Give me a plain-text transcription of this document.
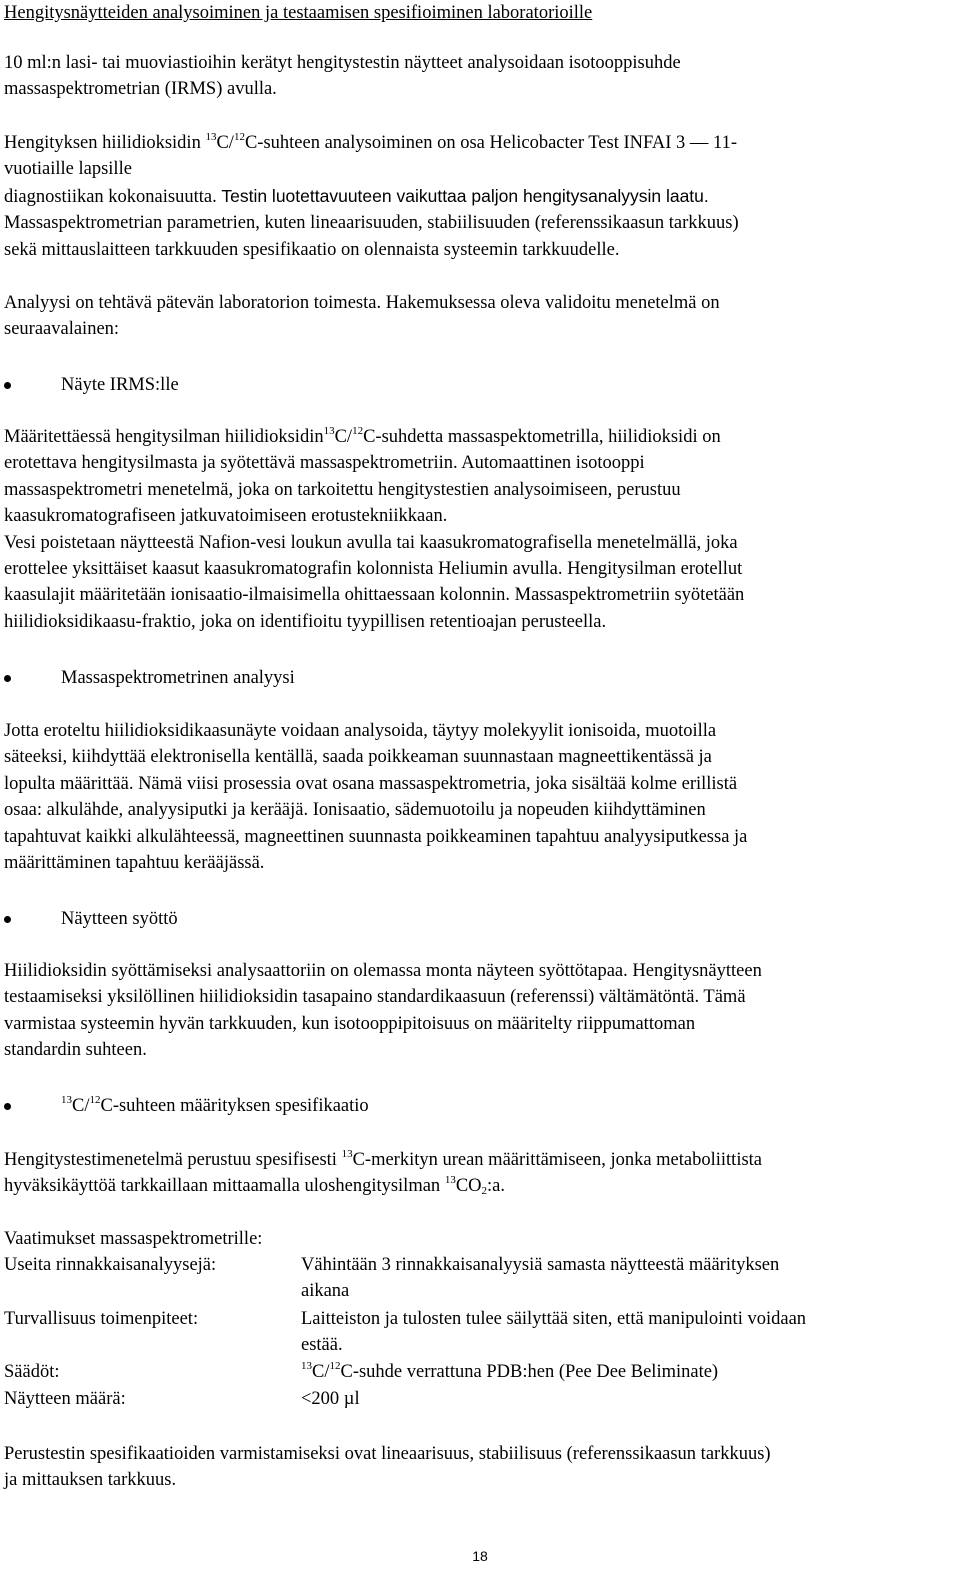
Hengitysnäytteiden analysoiminen ja testaamisen spesifioiminen laboratorioille

10 ml:n lasi- tai muoviastioihin kerätyt hengitystestin näytteet analysoidaan isotooppisuhde
massaspektrometrian (IRMS) avulla.

Hengityksen hiilidioksidin $^{13}$C/$^{12}$C-suhteen analysoiminen on osa Helicobacter Test INFAI 3 — 11-
vuotiaille lapsille
diagnostiikan kokonaisuutta. Testin luotettavuuteen vaikuttaa paljon hengitysanalyysin laatu.
Massaspektrometrian parametrien, kuten lineaarisuuden, stabiilisuuden (referenssikaasun tarkkuus)
sekä mittauslaitteen tarkkuuden spesifikaatio on olennaista systeemin tarkkuudelle.

Analyysi on tehtävä pätevän laboratorion toimesta. Hakemuksessa oleva validoitu menetelmä on
seuraavalainen:

Näyte IRMS:lle

Määritettäessä hengitysilman hiilidioksidin$^{13}$C/$^{12}$C-suhdetta massaspektometrilla, hiilidioksidi on
erotettava hengitysilmasta ja syötettävä massaspektrometriin. Automaattinen isotooppi
massaspektrometri menetelmä, joka on tarkoitettu hengitystestien analysoimiseen, perustuu
kaasukromatografiseen jatkuvatoimiseen erotustekniikkaan.
Vesi poistetaan näytteestä Nafion-vesi loukun avulla tai kaasukromatografisella menetelmällä, joka
erottelee yksittäiset kaasut kaasukromatografin kolonnista Heliumin avulla. Hengitysilman erotellut
kaasulajit määritetään ionisaatio-ilmaisimella ohittaessaan kolonnin. Massaspektrometriin syötetään
hiilidioksidikaasu-fraktio, joka on identifioitu tyypillisen retentioajan perusteella.

Massaspektrometrinen analyysi

Jotta eroteltu hiilidioksidikaasunäyte voidaan analysoida, täytyy molekyylit ionisoida, muotoilla
säteeksi, kiihdyttää elektronisella kentällä, saada poikkeaman suunnastaan magneettikentässä ja
lopulta määrittää. Nämä viisi prosessia ovat osana massaspektrometria, joka sisältää kolme erillistä
osaa: alkulähde, analyysiputki ja kerääjä. Ionisaatio, sädemuotoilu ja nopeuden kiihdyttäminen
tapahtuvat kaikki alkulähteessä, magneettinen suunnasta poikkeaminen tapahtuu analyysiputkessa ja
määrittäminen tapahtuu kerääjässä.

Näytteen syöttö

Hiilidioksidin syöttämiseksi analysaattoriin on olemassa monta näyteen syöttötapaa. Hengitysnäytteen
testaamiseksi yksilöllinen hiilidioksidin tasapaino standardikaasuun (referenssi) vältämätöntä. Tämä
varmistaa systeemin hyvän tarkkuuden, kun isotooppipitoisuus on määritelty riippumattoman
standardin suhteen.

$^{13}$C/$^{12}$C-suhteen määrityksen spesifikaatio

Hengitystestimenetelmä perustuu spesifisesti $^{13}$C-merkityn urean määrittämiseen, jonka metaboliittista
hyväksikäyttöä tarkkaillaan mittaamalla uloshengitysilman $^{13}CO_2:a$.

Vaatimukset massaspektrometrille:

Useita rinnakkaisanalyysejä:	Vähintään 3 rinnakkaisanalyysiä samasta näytteestä määrityksen
aikana
Turvallisuus toimenpiteet:	Laitteiston ja tulosten tulee säilyttää siten, että manipulointi voidaan
estää.
Säädöt:	$^{13}$C/$^{12}$C-suhde verrattuna PDB:hen (Pee Dee Beliminate)
Näytteen määrä:	<200 µl

Perustestin spesifikaatioiden varmistamiseksi ovat lineaarisuus, stabiilisuus (referenssikaasun tarkkuus)
ja mittauksen tarkkuus.

18
